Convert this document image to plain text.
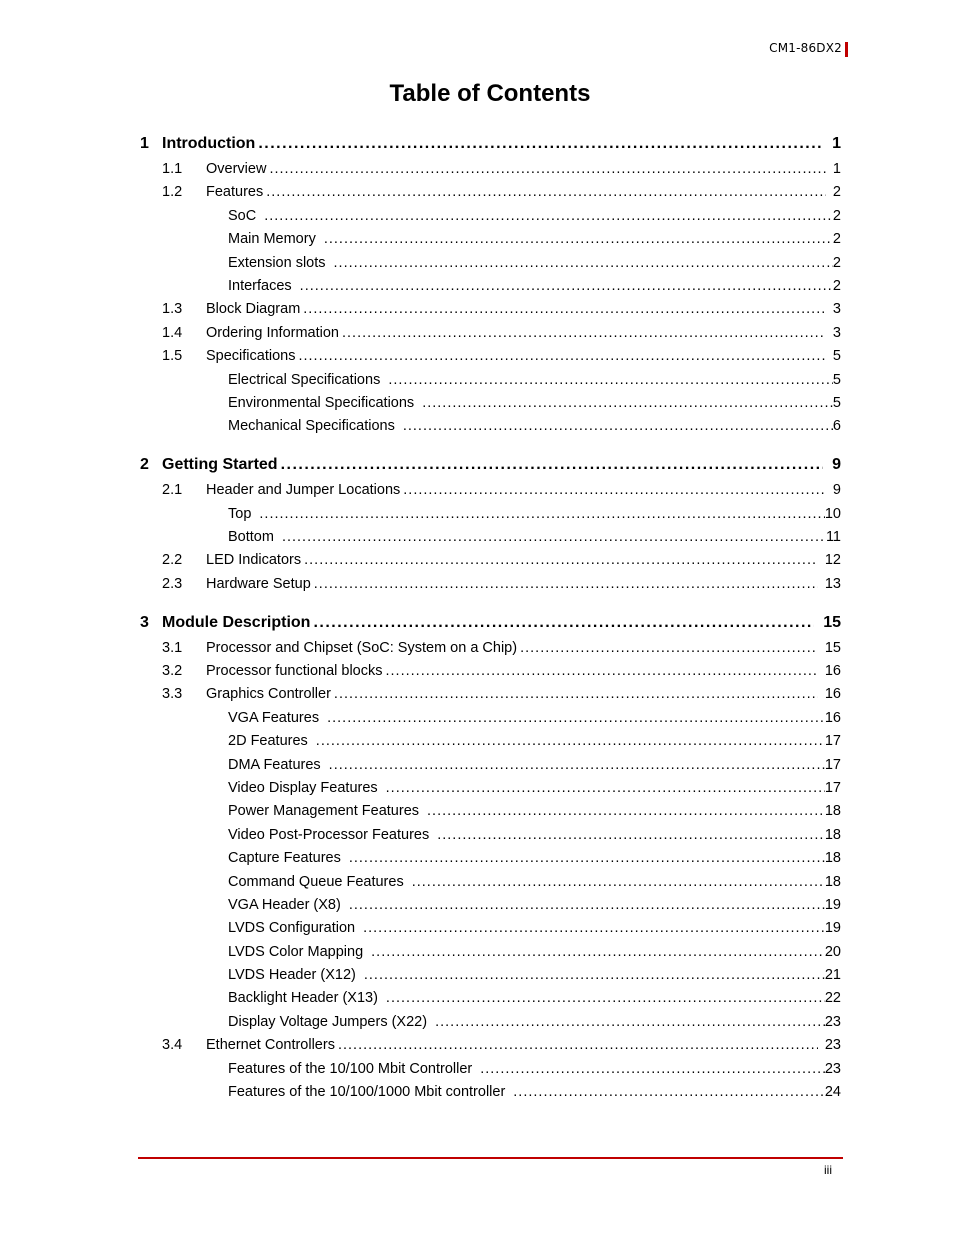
CM1-86DX2
Table of Contents
1 Introduction .....	1
1.1 Overview .....	1
1.2 Features .....	2
SoC .....	2
Main Memory .....	2
Extension slots .....	2
Interfaces .....	2
1.3 Block Diagram .....	3
1.4 Ordering Information .....	3
1.5 Specifications .....	5
Electrical Specifications .....	5
Environmental Specifications .....	5
Mechanical Specifications .....	6
2 Getting Started .....	9
2.1 Header and Jumper Locations .....	9
Top .....	10
Bottom .....	11
2.2 LED Indicators .....	12
2.3 Hardware Setup .....	13
3 Module Description .....	15
3.1 Processor and Chipset (SoC: System on a Chip) .....	15
3.2 Processor functional blocks .....	16
3.3 Graphics Controller .....	16
VGA Features .....	16
2D Features .....	17
DMA Features .....	17
Video Display Features .....	17
Power Management Features .....	18
Video Post-Processor Features .....	18
Capture Features .....	18
Command Queue Features .....	18
VGA Header (X8) .....	19
LVDS Configuration .....	19
LVDS Color Mapping .....	20
LVDS Header (X12) .....	21
Backlight Header (X13) .....	22
Display Voltage Jumpers (X22) .....	23
3.4 Ethernet Controllers .....	23
Features of the 10/100 Mbit Controller .....	23
Features of the 10/100/1000 Mbit controller .....	24
iii
